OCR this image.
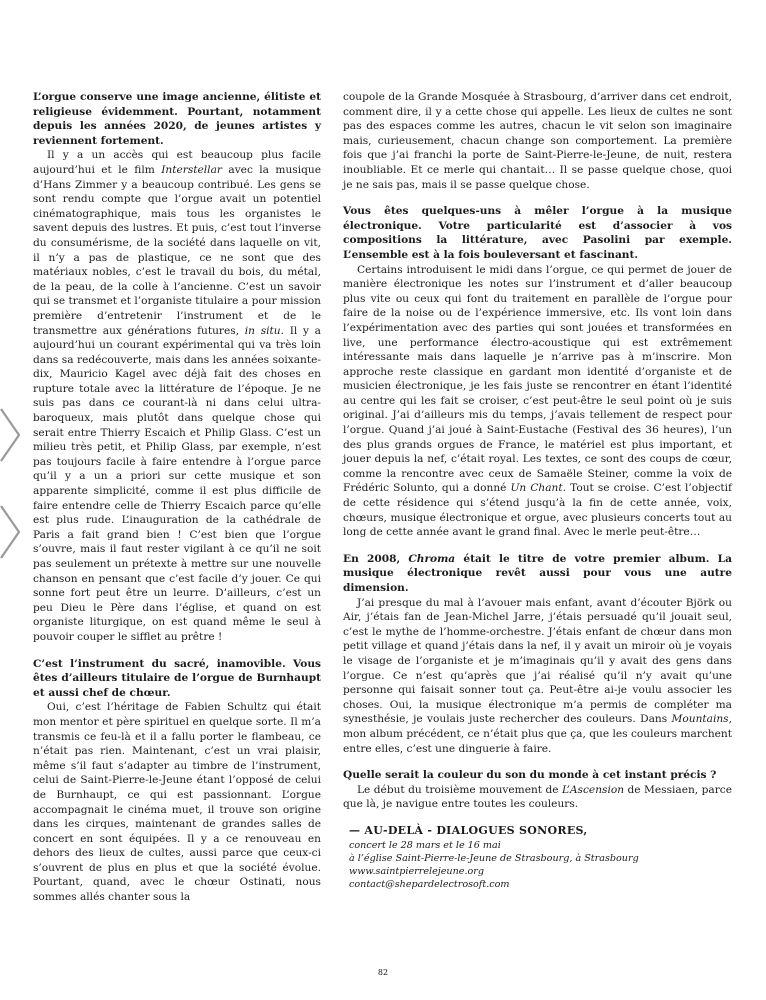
L’orgue conserve une image ancienne, élitiste et religieuse évidemment. Pourtant, notamment depuis les années 2020, de jeunes artistes y reviennent fortement.

Il y a un accès qui est beaucoup plus facile aujourd’hui et le film Interstellar avec la musique d’Hans Zimmer y a beaucoup contribué. Les gens se sont rendu compte que l’orgue avait un potentiel cinématographique, mais tous les organistes le savent depuis des lustres. Et puis, c’est tout l’inverse du consumérisme, de la société dans laquelle on vit, il n’y a pas de plastique, ce ne sont que des matériaux nobles, c’est le travail du bois, du métal, de la peau, de la colle à l’ancienne. C’est un savoir qui se transmet et l’organiste titulaire a pour mission première d’entretenir l’instrument et de le transmettre aux générations futures, in situ. Il y a aujourd’hui un courant expérimental qui va très loin dans sa redécouverte, mais dans les années soixante-dix, Mauricio Kagel avec déjà fait des choses en rupture totale avec la littérature de l’époque. Je ne suis pas dans ce courant-là ni dans celui ultra-baroqueux, mais plutôt dans quelque chose qui serait entre Thierry Escaich et Philip Glass. C’est un milieu très petit, et Philip Glass, par exemple, n’est pas toujours facile à faire entendre à l’orgue parce qu’il y a un a priori sur cette musique et son apparente simplicité, comme il est plus difficile de faire entendre celle de Thierry Escaich parce qu’elle est plus rude. L’inauguration de la cathédrale de Paris a fait grand bien ! C’est bien que l’orgue s’ouvre, mais il faut rester vigilant à ce qu’il ne soit pas seulement un prétexte à mettre sur une nouvelle chanson en pensant que c’est facile d’y jouer. Ce qui sonne fort peut être un leurre. D’ailleurs, c’est un peu Dieu le Père dans l’église, et quand on est organiste liturgique, on est quand même le seul à pouvoir couper le sifflet au prêtre !

C’est l’instrument du sacré, inamovible. Vous êtes d’ailleurs titulaire de l’orgue de Burnhaupt et aussi chef de chœur.

Oui, c’est l’héritage de Fabien Schultz qui était mon mentor et père spirituel en quelque sorte. Il m’a transmis ce feu-là et il a fallu porter le flambeau, ce n’était pas rien. Maintenant, c’est un vrai plaisir, même s’il faut s’adapter au timbre de l’instrument, celui de Saint-Pierre-le-Jeune étant l’opposé de celui de Burnhaupt, ce qui est passionnant. L’orgue accompagnait le cinéma muet, il trouve son origine dans les cirques, maintenant de grandes salles de concert en sont équipées. Il y a ce renouveau en dehors des lieux de cultes, aussi parce que ceux-ci s’ouvrent de plus en plus et que la société évolue. Pourtant, quand, avec le chœur Ostinati, nous sommes allés chanter sous la

coupole de la Grande Mosquée à Strasbourg, d’arriver dans cet endroit, comment dire, il y a cette chose qui appelle. Les lieux de cultes ne sont pas des espaces comme les autres, chacun le vit selon son imaginaire mais, curieusement, chacun change son comportement. La première fois que j’ai franchi la porte de Saint-Pierre-le-Jeune, de nuit, restera inoubliable. Et ce merle qui chantait… Il se passe quelque chose, quoi je ne sais pas, mais il se passe quelque chose.

Vous êtes quelques-uns à mêler l’orgue à la musique électronique. Votre particularité est d’associer à vos compositions la littérature, avec Pasolini par exemple. L’ensemble est à la fois bouleversant et fascinant.

Certains introduisent le midi dans l’orgue, ce qui permet de jouer de manière électronique les notes sur l’instrument et d’aller beaucoup plus vite ou ceux qui font du traitement en parallèle de l’orgue pour faire de la noise ou de l’expérience immersive, etc. Ils vont loin dans l’expérimentation avec des parties qui sont jouées et transformées en live, une performance électro-acoustique qui est extrêmement intéressante mais dans laquelle je n’arrive pas à m’inscrire. Mon approche reste classique en gardant mon identité d’organiste et de musicien électronique, je les fais juste se rencontrer en étant l’identité au centre qui les fait se croiser, c’est peut-être le seul point où je suis original. J’ai d’ailleurs mis du temps, j’avais tellement de respect pour l’orgue. Quand j’ai joué à Saint-Eustache (Festival des 36 heures), l’un des plus grands orgues de France, le matériel est plus important, et jouer depuis la nef, c’était royal. Les textes, ce sont des coups de cœur, comme la rencontre avec ceux de Samaële Steiner, comme la voix de Frédéric Solunto, qui a donné Un Chant. Tout se croise. C’est l’objectif de cette résidence qui s’étend jusqu’à la fin de cette année, voix, chœurs, musique électronique et orgue, avec plusieurs concerts tout au long de cette année avant le grand final. Avec le merle peut-être…

En 2008, Chroma était le titre de votre premier album. La musique électronique revêt aussi pour vous une autre dimension.

J’ai presque du mal à l’avouer mais enfant, avant d’écouter Björk ou Air, j’étais fan de Jean-Michel Jarre, j’étais persuadé qu’il jouait seul, c’est le mythe de l’homme-orchestre. J’étais enfant de chœur dans mon petit village et quand j’étais dans la nef, il y avait un miroir où je voyais le visage de l’organiste et je m’imaginais qu’il y avait des gens dans l’orgue. Ce n’est qu’après que j’ai réalisé qu’il n’y avait qu’une personne qui faisait sonner tout ça. Peut-être ai-je voulu associer les choses. Oui, la musique électronique m’a permis de compléter ma synesthésie, je voulais juste rechercher des couleurs. Dans Mountains, mon album précédent, ce n’était plus que ça, que les couleurs marchent entre elles, c’est une dinguerie à faire.

Quelle serait la couleur du son du monde à cet instant précis ?

Le début du troisième mouvement de L’Ascension de Messiaen, parce que là, je navigue entre toutes les couleurs.

— AU-DELÀ - DIALOGUES SONORES,
concert le 28 mars et le 16 mai
à l’église Saint-Pierre-le-Jeune de Strasbourg, à Strasbourg
www.saintpierrelejeune.org
contact@shepardelectrosoft.com
82
